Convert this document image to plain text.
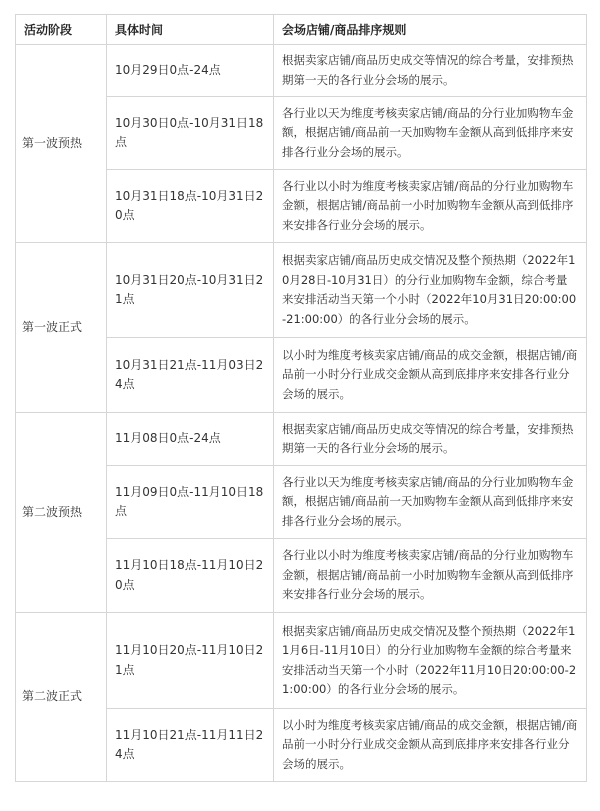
活动阶段	具体时间	会场店铺/商品排序规则
第一波预热	10月29日0点-24点	根据卖家店铺/商品历史成交等情况的综合考量，安排预热期第一天的各行业分会场的展示。
	10月30日0点-10月31日18点	各行业以天为维度考核卖家店铺/商品的分行业加购物车金额，根据店铺/商品前一天加购物车金额从高到低排序来安排各行业分会场的展示。
	10月31日18点-10月31日20点	各行业以小时为维度考核卖家店铺/商品的分行业加购物车金额，根据店铺/商品前一小时加购物车金额从高到低排序来安排各行业分会场的展示。
第一波正式	10月31日20点-10月31日21点	根据卖家店铺/商品历史成交情况及整个预热期（2022年10月28日-10月31日）的分行业加购物车金额，综合考量来安排活动当天第一个小时（2022年10月31日20:00:00-21:00:00）的各行业分会场的展示。
	10月31日21点-11月03日24点	以小时为维度考核卖家店铺/商品的成交金额，根据店铺/商品前一小时分行业成交金额从高到底排序来安排各行业分会场的展示。
第二波预热	11月08日0点-24点	根据卖家店铺/商品历史成交等情况的综合考量，安排预热期第一天的各行业分会场的展示。
	11月09日0点-11月10日18点	各行业以天为维度考核卖家店铺/商品的分行业加购物车金额，根据店铺/商品前一天加购物车金额从高到低排序来安排各行业分会场的展示。
	11月10日18点-11月10日20点	各行业以小时为维度考核卖家店铺/商品的分行业加购物车金额，根据店铺/商品前一小时加购物车金额从高到低排序来安排各行业分会场的展示。
第二波正式	11月10日20点-11月10日21点	根据卖家店铺/商品历史成交情况及整个预热期（2022年11月6日-11月10日）的分行业加购物车金额的综合考量来安排活动当天第一个小时（2022年11月10日20:00:00-21:00:00）的各行业分会场的展示。
	11月10日21点-11月11日24点	以小时为维度考核卖家店铺/商品的成交金额，根据店铺/商品前一小时分行业成交金额从高到底排序来安排各行业分会场的展示。
